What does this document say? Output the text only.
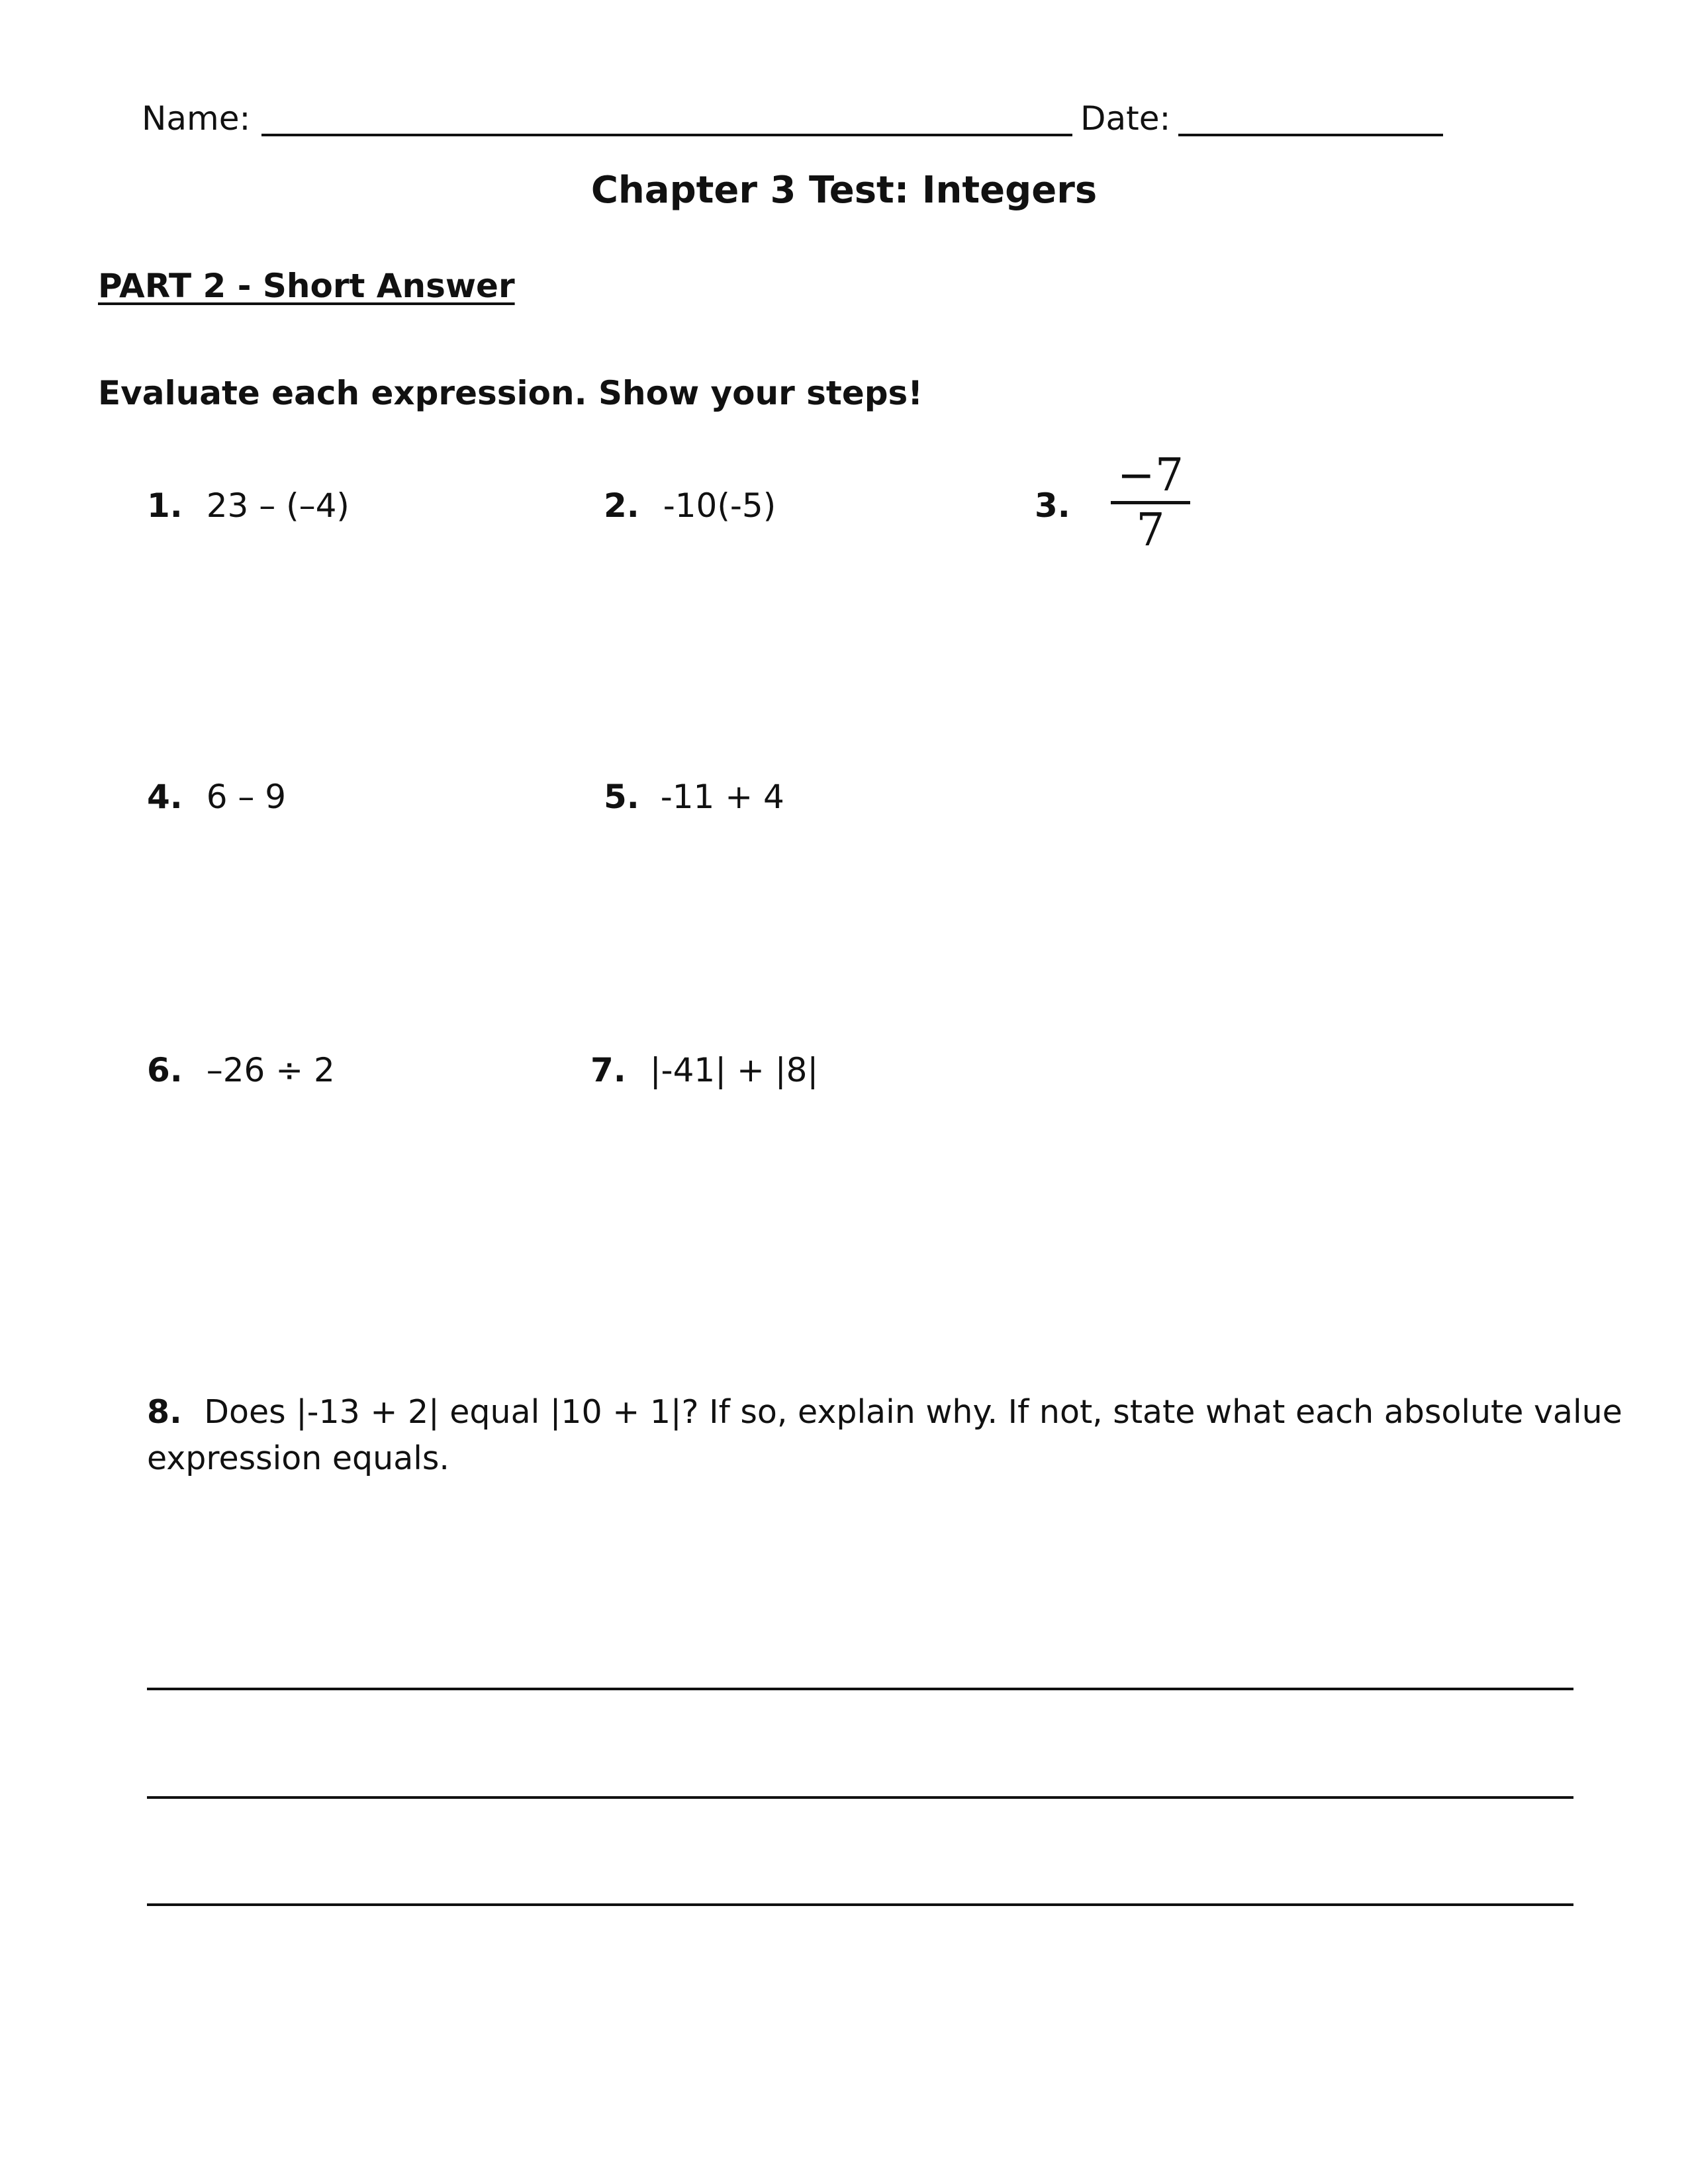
Name:	Date:
Chapter 3 Test: Integers
PART 2 - Short Answer
Evaluate each expression. Show your steps!
1. 23 – (–4)	2. -10(-5)	3.
−7
7
4. 6 – 9	5. -11 + 4
6. –26 ÷ 2	7. |-41| + |8|
8. Does |-13 + 2| equal |10 + 1|? If so, explain why. If not, state what each absolute value
expression equals.
